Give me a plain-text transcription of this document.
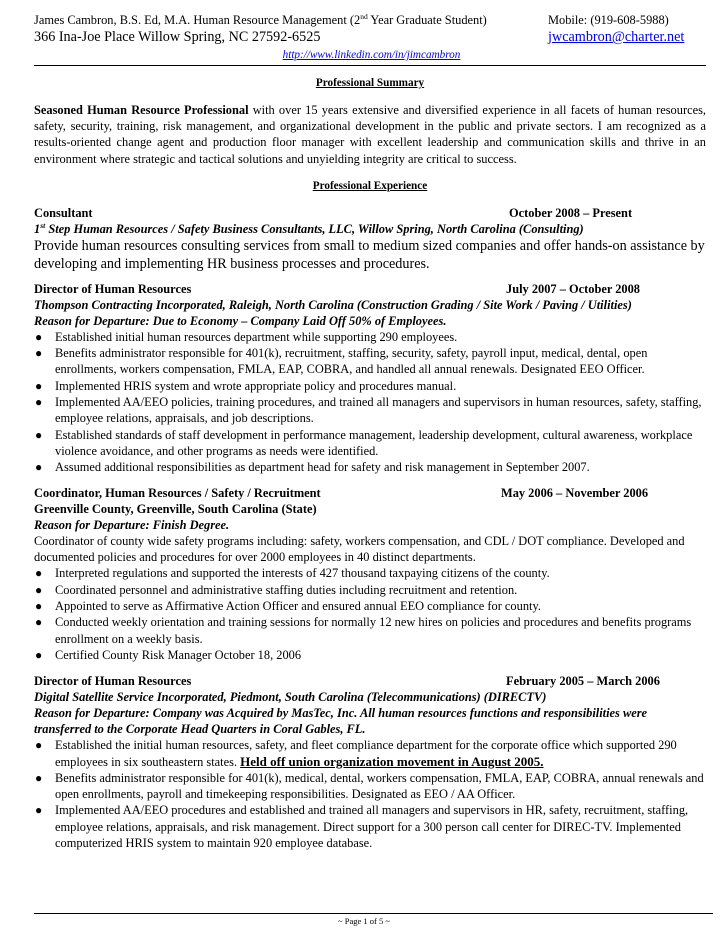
James Cambron, B.S. Ed, M.A. Human Resource Management (2nd Year Graduate Student)	Mobile: (919-608-5988)
366 Ina-Joe Place Willow Spring, NC 27592-6525	jwcambron@charter.net
http://www.linkedin.com/in/jimcambron
Professional Summary
Seasoned Human Resource Professional with over 15 years extensive and diversified experience in all facets of human resources, safety, security, training, risk management, and organizational development in the public and private sectors. I am recognized as a results-oriented change agent and production floor manager with excellent leadership and communication skills and thrive in an environment where strategic and tactical solutions and unyielding integrity are critical to success.
Professional Experience
Consultant	October 2008 – Present
1st Step Human Resources / Safety Business Consultants, LLC, Willow Spring, North Carolina (Consulting)
Provide human resources consulting services from small to medium sized companies and offer hands-on assistance by developing and implementing HR business processes and procedures.
Director of Human Resources	July 2007 – October 2008
Thompson Contracting Incorporated, Raleigh, North Carolina (Construction Grading / Site Work / Paving / Utilities)
Reason for Departure: Due to Economy – Company Laid Off 50% of Employees.
● Established initial human resources department while supporting 290 employees.
● Benefits administrator responsible for 401(k), recruitment, staffing, security, safety, payroll input, medical, dental, open enrollments, workers compensation, FMLA, EAP, COBRA, and handled all annual renewals. Designated EEO Officer.
● Implemented HRIS system and wrote appropriate policy and procedures manual.
● Implemented AA/EEO policies, training procedures, and trained all managers and supervisors in human resources, safety, staffing, employee relations, appraisals, and job descriptions.
● Established standards of staff development in performance management, leadership development, cultural awareness, workplace violence avoidance, and other programs as needs were identified.
● Assumed additional responsibilities as department head for safety and risk management in September 2007.
Coordinator, Human Resources / Safety / Recruitment	May 2006 – November 2006
Greenville County, Greenville, South Carolina (State)
Reason for Departure: Finish Degree.
Coordinator of county wide safety programs including: safety, workers compensation, and CDL / DOT compliance. Developed and documented policies and procedures for over 2000 employees in 40 distinct departments.
● Interpreted regulations and supported the interests of 427 thousand taxpaying citizens of the county.
● Coordinated personnel and administrative staffing duties including recruitment and retention.
● Appointed to serve as Affirmative Action Officer and ensured annual EEO compliance for county.
● Conducted weekly orientation and training sessions for normally 12 new hires on policies and procedures and benefits programs enrollment on a weekly basis.
● Certified County Risk Manager October 18, 2006
Director of Human Resources	February 2005 – March 2006
Digital Satellite Service Incorporated, Piedmont, South Carolina (Telecommunications) (DIRECTV)
Reason for Departure: Company was Acquired by MasTec, Inc. All human resources functions and responsibilities were transferred to the Corporate Head Quarters in Coral Gables, FL.
● Established the initial human resources, safety, and fleet compliance department for the corporate office which supported 290 employees in six southeastern states. Held off union organization movement in August 2005.
● Benefits administrator responsible for 401(k), medical, dental, workers compensation, FMLA, EAP, COBRA, annual renewals and open enrollments, payroll and timekeeping responsibilities. Designated as EEO / AA Officer.
● Implemented AA/EEO procedures and established and trained all managers and supervisors in HR, safety, recruitment, staffing, employee relations, appraisals, and risk management. Direct support for a 300 person call center for DIREC-TV. Implemented computerized HRIS system to maintain 920 employee database.
~ Page 1 of 5 ~
